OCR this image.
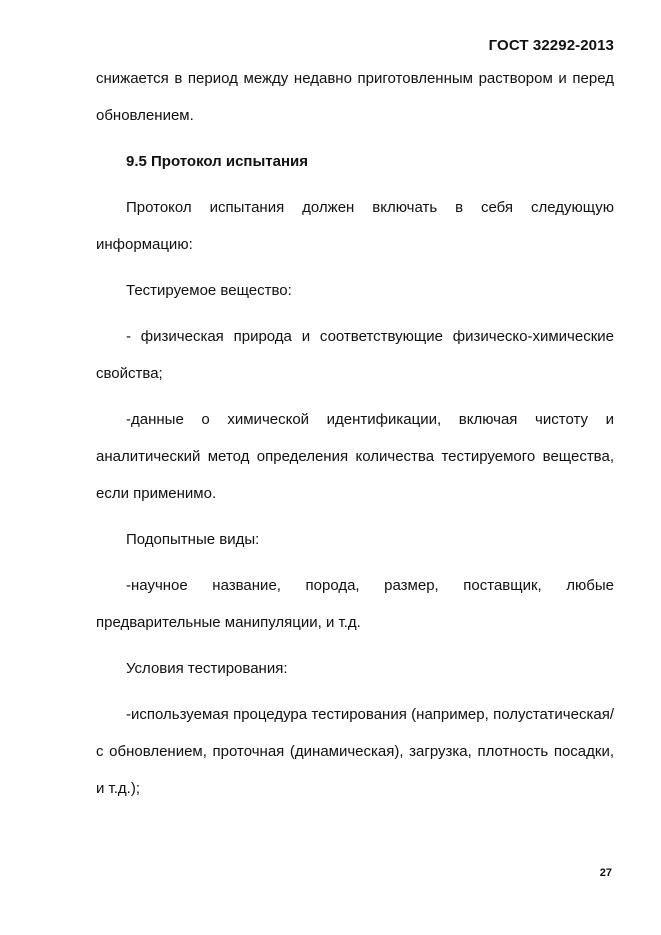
ГОСТ 32292-2013

снижается в период между недавно приготовленным раствором и перед обновлением.

9.5 Протокол испытания

Протокол испытания должен включать в себя следующую информацию:

Тестируемое вещество:

- физическая природа и соответствующие физическо-химические свойства;

-данные о химической идентификации, включая чистоту и аналитический метод определения количества тестируемого вещества, если применимо.

Подопытные виды:

-научное название, порода, размер, поставщик, любые предварительные манипуляции, и т.д.

Условия тестирования:

-используемая процедура тестирования (например, полустатическая/с обновлением, проточная (динамическая), загрузка, плотность посадки, и т.д.);

27
